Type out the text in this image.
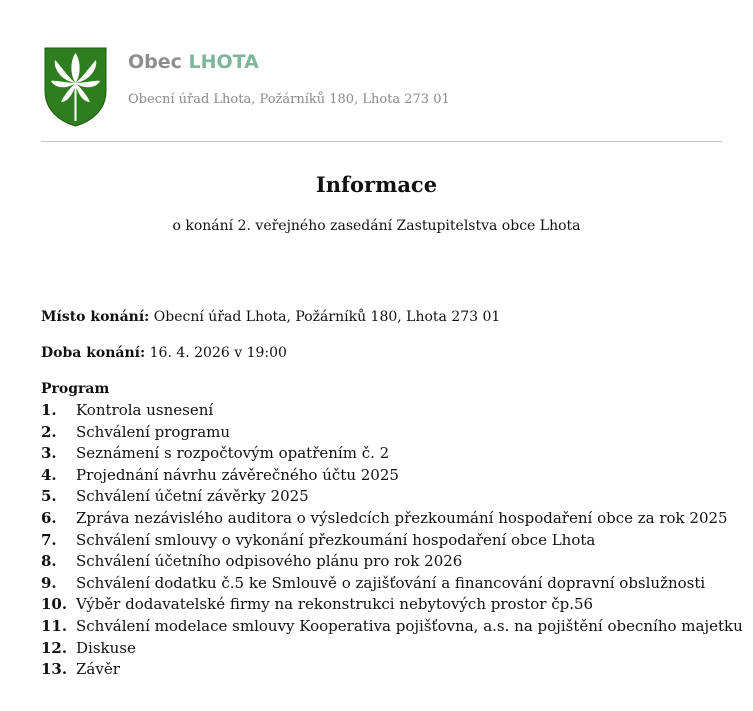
Obec LHOTA
Obecní úřad Lhota, Požárníků 180, Lhota 273 01
Informace
o konání 2. veřejného zasedání Zastupitelstva obce Lhota
Místo konání: Obecní úřad Lhota, Požárníků 180, Lhota 273 01
Doba konání: 16. 4. 2026 v 19:00
Program
1. Kontrola usnesení
2. Schválení programu
3. Seznámení s rozpočtovým opatřením č. 2
4. Projednání návrhu závěrečného účtu 2025
5. Schválení účetní závěrky 2025
6. Zpráva nezávislého auditora o výsledcích přezkoumání hospodaření obce za rok 2025
7. Schválení smlouvy o vykonání přezkoumání hospodaření obce Lhota
8. Schválení účetního odpisového plánu pro rok 2026
9. Schválení dodatku č.5 ke Smlouvě o zajišťování a financování dopravní obslužnosti
10. Výběr dodavatelské firmy na rekonstrukci nebytových prostor čp.56
11. Schválení modelace smlouvy Kooperativa pojišťovna, a.s. na pojištění obecního majetku
12. Diskuse
13. Závěr
